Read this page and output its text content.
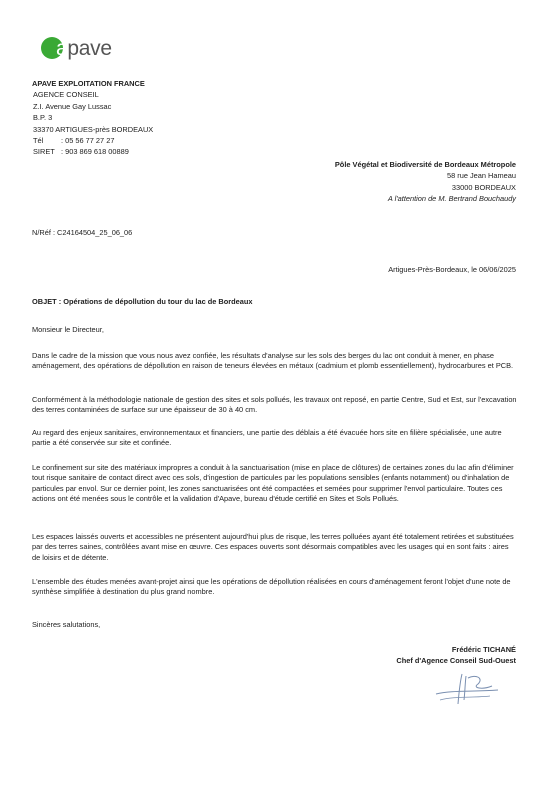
apave
APAVE EXPLOITATION FRANCE
AGENCE CONSEIL
Z.I. Avenue Gay Lussac
B.P. 3
33370 ARTIGUES-près BORDEAUX
Tél	: 05 56 77 27 27
SIRET : 903 869 618 00889
Pôle Végétal et Biodiversité de Bordeaux Métropole
58 rue Jean Hameau
33000 BORDEAUX
A l'attention de M. Bertrand Bouchaudy
N/Réf : C24164504_25_06_06
Artigues-Près-Bordeaux, le 06/06/2025
OBJET : Opérations de dépollution du tour du lac de Bordeaux
Monsieur le Directeur,
Dans le cadre de la mission que vous nous avez confiée, les résultats d'analyse sur les sols des berges du lac ont conduit à mener, en phase aménagement, des opérations de dépollution en raison de teneurs élevées en métaux (cadmium et plomb essentiellement), hydrocarbures et PCB.
Conformément à la méthodologie nationale de gestion des sites et sols pollués, les travaux ont reposé, en partie Centre, Sud et Est, sur l'excavation des terres contaminées de surface sur une épaisseur de 30 à 40 cm.
Au regard des enjeux sanitaires, environnementaux et financiers, une partie des déblais a été évacuée hors site en filière spécialisée, une autre partie a été conservée sur site et confinée.
Le confinement sur site des matériaux impropres a conduit à la sanctuarisation (mise en place de clôtures) de certaines zones du lac afin d'éliminer tout risque sanitaire de contact direct avec ces sols, d'ingestion de particules par les populations sensibles (enfants notamment) ou d'inhalation de particules par envol. Sur ce dernier point, les zones sanctuarisées ont été compactées et semées pour supprimer l'envol particulaire. Toutes ces actions ont été menées sous le contrôle et la validation d'Apave, bureau d'étude certifié en Sites et Sols Pollués.
Les espaces laissés ouverts et accessibles ne présentent aujourd'hui plus de risque, les terres polluées ayant été totalement retirées et substituées par des terres saines, contrôlées avant mise en œuvre. Ces espaces ouverts sont désormais compatibles avec les usages qui en sont faits : aires de loisirs et de détente.
L'ensemble des études menées avant-projet ainsi que les opérations de dépollution réalisées en cours d'aménagement feront l'objet d'une note de synthèse simplifiée à destination du plus grand nombre.
Sincères salutations,
Frédéric TICHANÉ
Chef d'Agence Conseil Sud-Ouest
